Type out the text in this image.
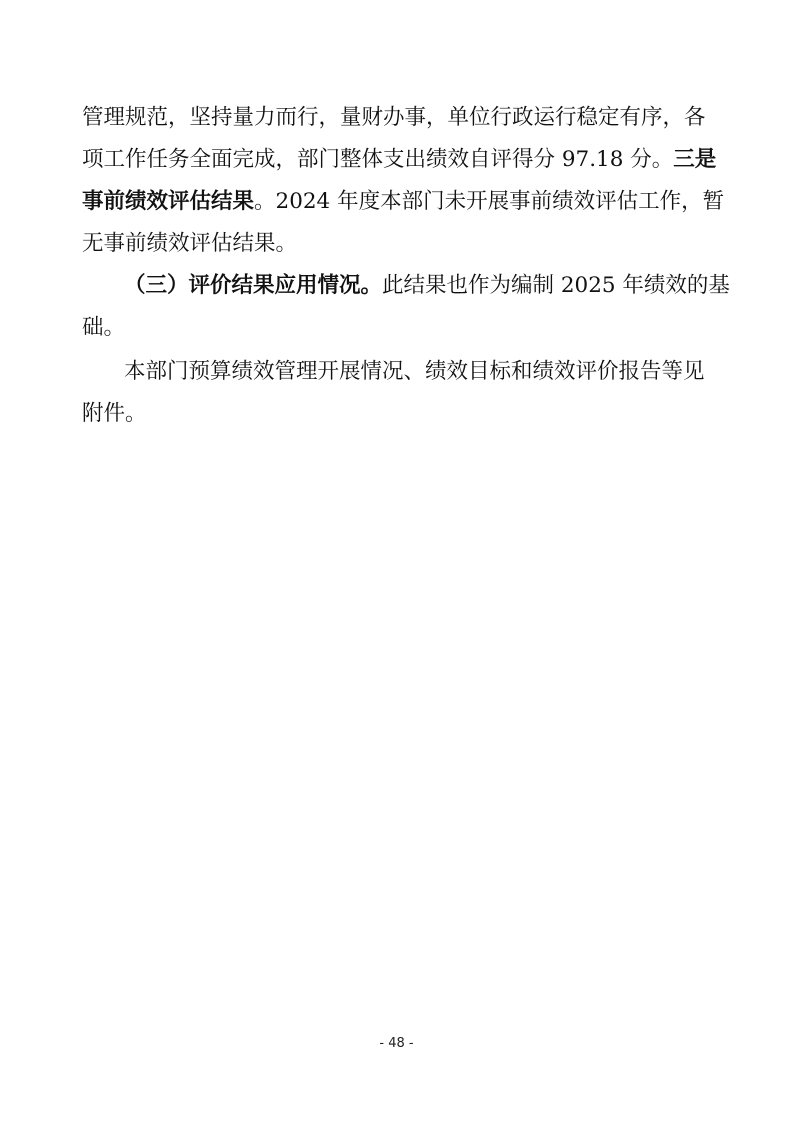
管理规范，坚持量力而行，量财办事，单位行政运行稳定有序，各
项工作任务全面完成，部门整体支出绩效自评得分 97.18 分。三是
事前绩效评估结果。2024 年度本部门未开展事前绩效评估工作，暂
无事前绩效评估结果。
（三）评价结果应用情况。此结果也作为编制 2025 年绩效的基
础。
本部门预算绩效管理开展情况、绩效目标和绩效评价报告等见
附件。
- 48 -
